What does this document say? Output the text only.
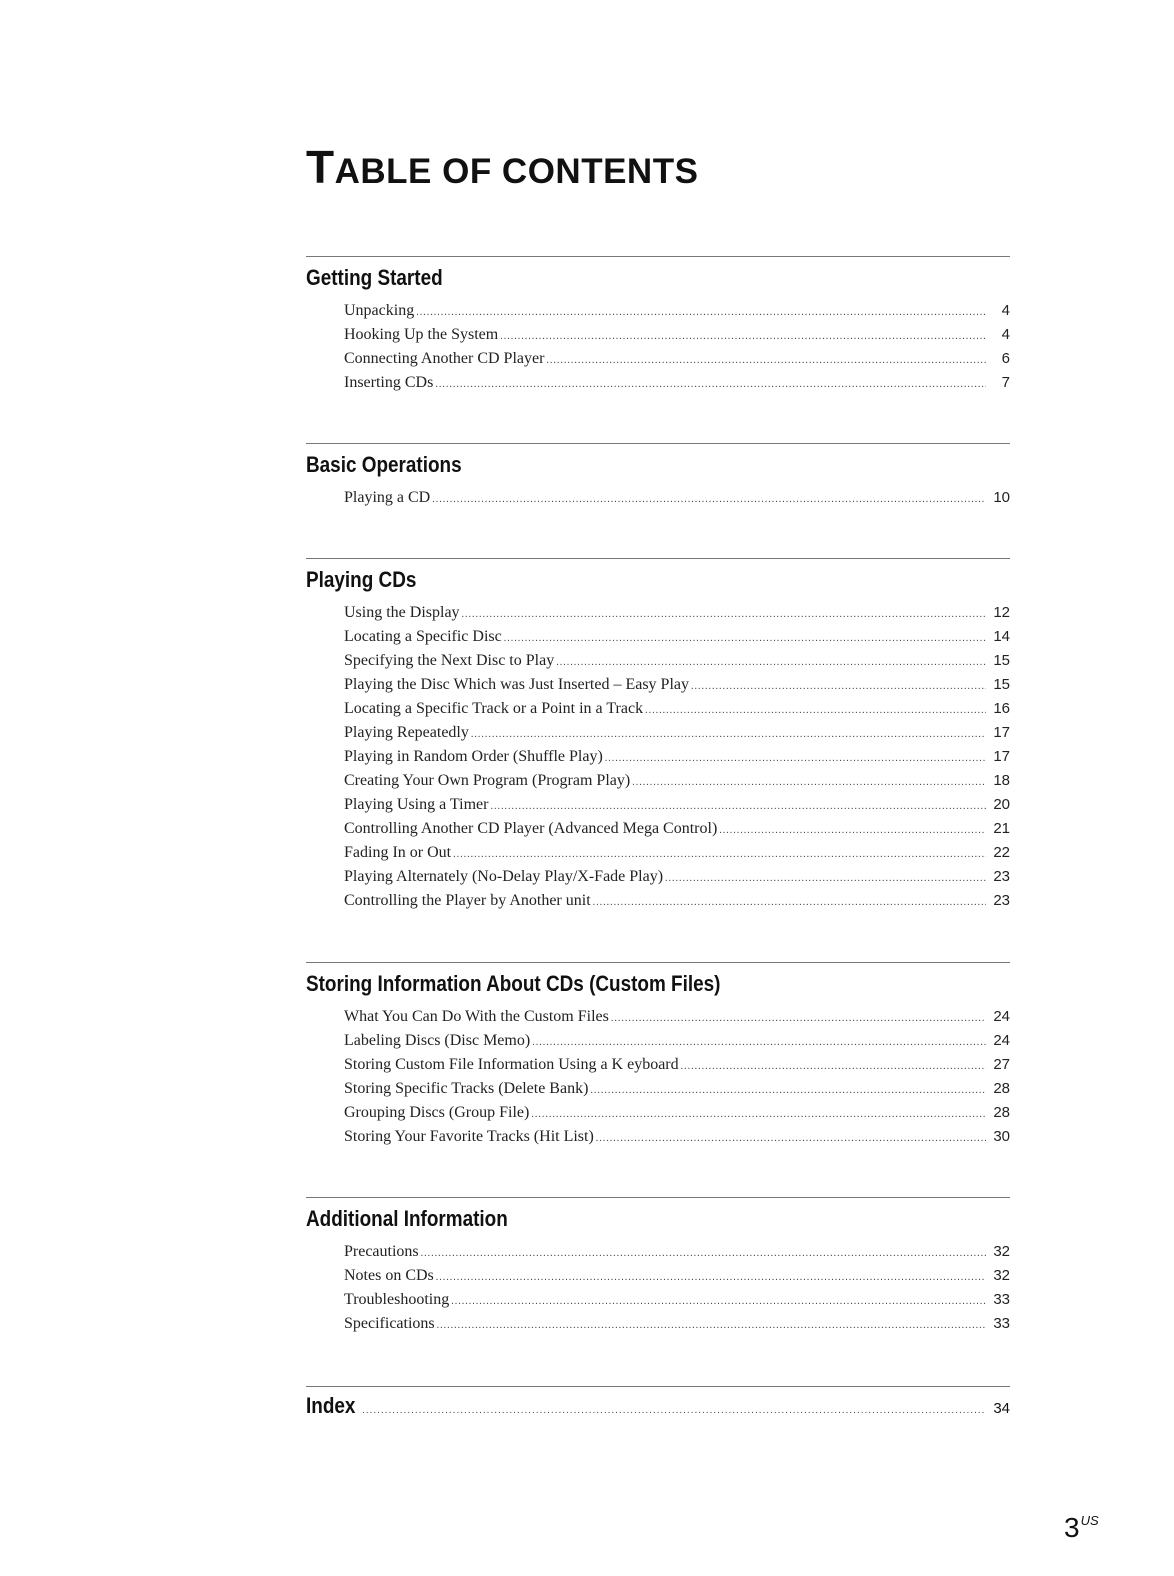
TABLE OF CONTENTS
Getting Started
Unpacking .....	4
Hooking Up the System .....	4
Connecting Another CD Player .....	6
Inserting CDs .....	7
Basic Operations
Playing a CD .....	10
Playing CDs
Using the Display .....	12
Locating a Specific Disc .....	14
Specifying the Next Disc to Play .....	15
Playing the Disc Which was Just Inserted – Easy Play .....	15
Locating a Specific Track or a Point in a Track .....	16
Playing Repeatedly .....	17
Playing in Random Order (Shuffle Play) .....	17
Creating Your Own Program (Program Play) .....	18
Playing Using a Timer .....	20
Controlling Another CD Player (Advanced Mega Control) .....	21
Fading In or Out .....	22
Playing Alternately (No-Delay Play/X-Fade Play) .....	23
Controlling the Player by Another unit .....	23
Storing Information About CDs (Custom Files)
What You Can Do With the Custom Files .....	24
Labeling Discs (Disc Memo) .....	24
Storing Custom File Information Using a K eyboard .....	27
Storing Specific Tracks (Delete Bank) .....	28
Grouping Discs (Group File) .....	28
Storing Your Favorite Tracks (Hit List) .....	30
Additional Information
Precautions .....	32
Notes on CDs .....	32
Troubleshooting .....	33
Specifications .....	33
Index .....	34
$3^{US}$
